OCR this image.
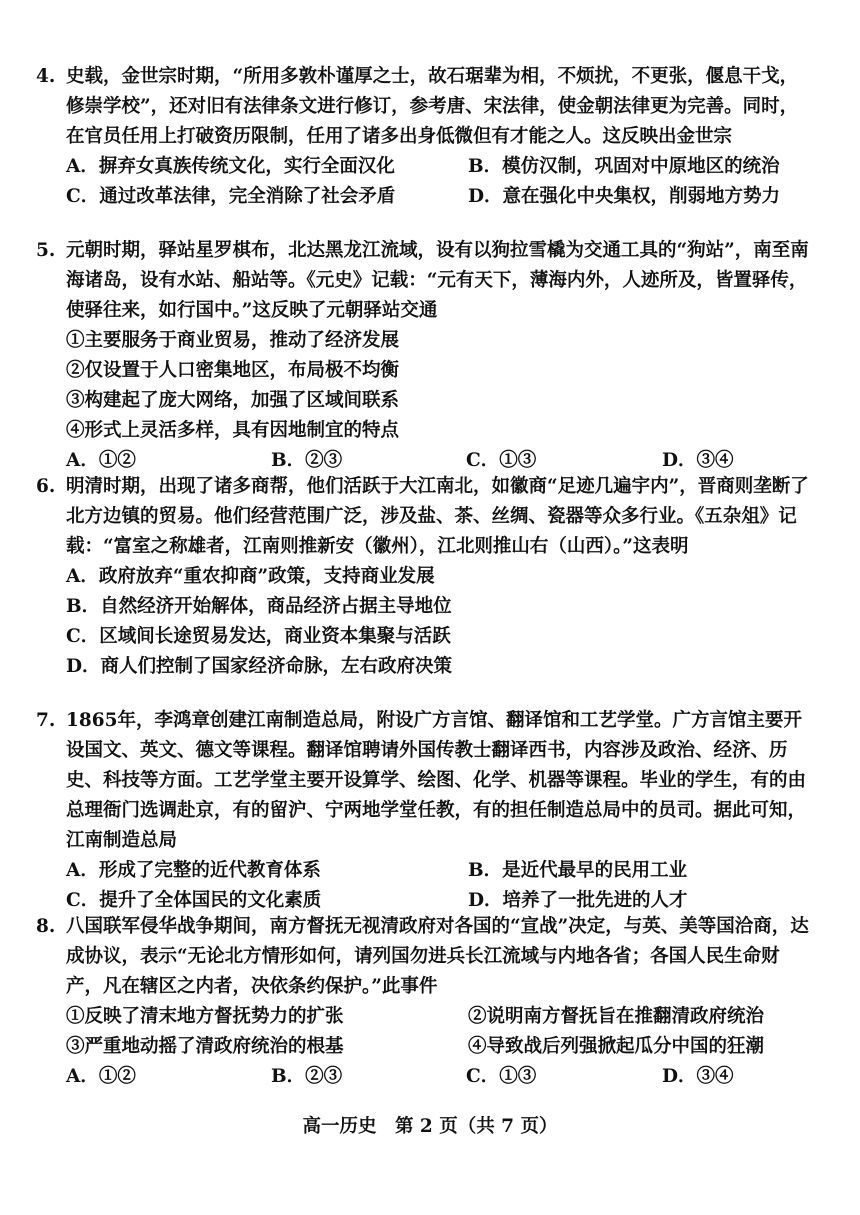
4. 史载，金世宗时期，“所用多敦朴谨厚之士，故石琚辈为相，不烦扰，不更张，偃息干戈，修崇学校”，还对旧有法律条文进行修订，参考唐、宋法律，使金朝法律更为完善。同时，在官员任用上打破资历限制，任用了诸多出身低微但有才能之人。这反映出金世宗

A．摒弃女真族传统文化，实行全面汉化	B．模仿汉制，巩固对中原地区的统治
C．通过改革法律，完全消除了社会矛盾	D．意在强化中央集权，削弱地方势力

5. 元朝时期，驿站星罗棋布，北达黑龙江流域，设有以狗拉雪橇为交通工具的“狗站”，南至南海诸岛，设有水站、船站等。《元史》记载：“元有天下，薄海内外，人迹所及，皆置驿传，使驿往来，如行国中。”这反映了元朝驿站交通

①主要服务于商业贸易，推动了经济发展
②仅设置于人口密集地区，布局极不均衡
③构建起了庞大网络，加强了区域间联系
④形式上灵活多样，具有因地制宜的特点
A．①②	B．②③	C．①③	D．③④

6. 明清时期，出现了诸多商帮，他们活跃于大江南北，如徽商“足迹几遍宇内”，晋商则垄断了北方边镇的贸易。他们经营范围广泛，涉及盐、茶、丝绸、瓷器等众多行业。《五杂俎》记载：“富室之称雄者，江南则推新安（徽州），江北则推山右（山西）。”这表明

A．政府放弃“重农抑商”政策，支持商业发展
B．自然经济开始解体，商品经济占据主导地位
C．区域间长途贸易发达，商业资本集聚与活跃
D．商人们控制了国家经济命脉，左右政府决策

7. 1865年，李鸿章创建江南制造总局，附设广方言馆、翻译馆和工艺学堂。广方言馆主要开设国文、英文、德文等课程。翻译馆聘请外国传教士翻译西书，内容涉及政治、经济、历史、科技等方面。工艺学堂主要开设算学、绘图、化学、机器等课程。毕业的学生，有的由总理衙门选调赴京，有的留沪、宁两地学堂任教，有的担任制造总局中的员司。据此可知，江南制造总局

A．形成了完整的近代教育体系	B．是近代最早的民用工业
C．提升了全体国民的文化素质	D．培养了一批先进的人才

8. 八国联军侵华战争期间，南方督抚无视清政府对各国的“宣战”决定，与英、美等国洽商，达成协议，表示“无论北方情形如何，请列国勿进兵长江流域与内地各省；各国人民生命财产，凡在辖区之内者，决依条约保护。”此事件

①反映了清末地方督抚势力的扩张	②说明南方督抚旨在推翻清政府统治
③严重地动摇了清政府统治的根基	④导致战后列强掀起瓜分中国的狂潮
A．①②	B．②③	C．①③	D．③④
高一历史　第 2 页（共 7 页）
